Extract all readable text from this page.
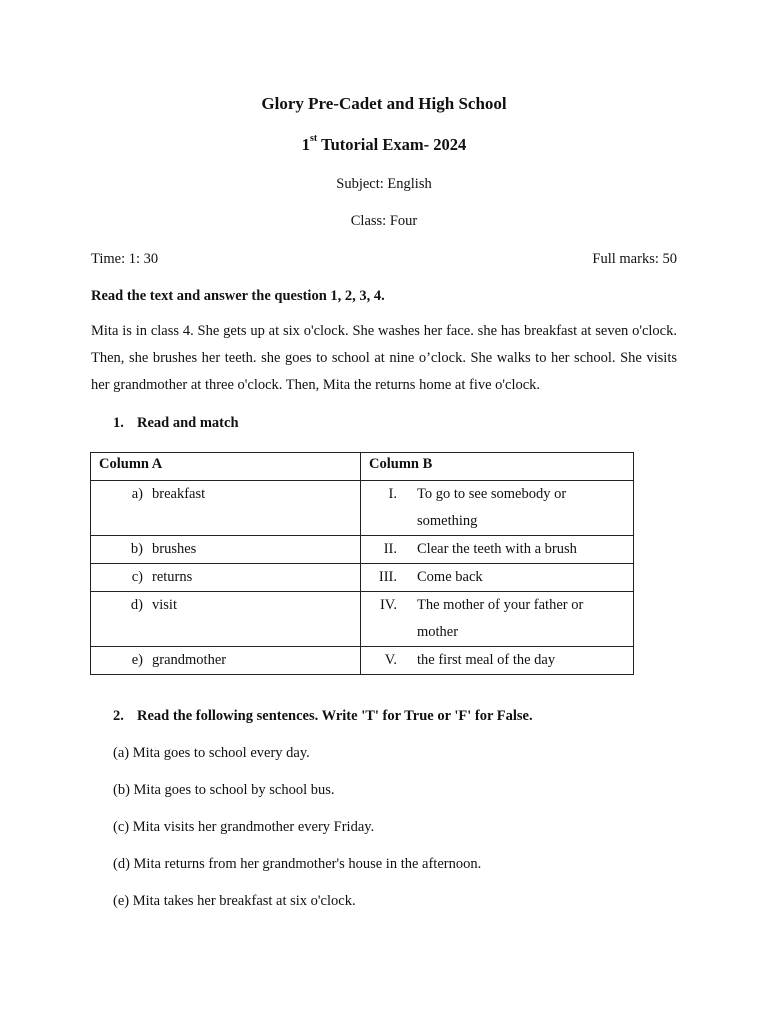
Glory Pre-Cadet and High School
1st Tutorial Exam- 2024
Subject: English
Class: Four
Time: 1: 30	Full marks: 50
Read the text and answer the question 1, 2, 3, 4.
Mita is in class 4. She gets up at six o'clock. She washes her face. she has breakfast at seven o'clock. Then, she brushes her teeth. she goes to school at nine o’clock. She walks to her school. She visits her grandmother at three o'clock. Then, Mita the returns home at five o'clock.
1. Read and match
Column A	Column B

a) breakfast	I. To go to see somebody or something

b) brushes	II. Clear the teeth with a brush

c) returns	III. Come back

d) visit	IV. The mother of your father or mother

e) grandmother	V. the first meal of the day
2. Read the following sentences. Write 'T' for True or 'F' for False.
(a) Mita goes to school every day.
(b) Mita goes to school by school bus.
(c) Mita visits her grandmother every Friday.
(d) Mita returns from her grandmother's house in the afternoon.
(e) Mita takes her breakfast at six o'clock.
